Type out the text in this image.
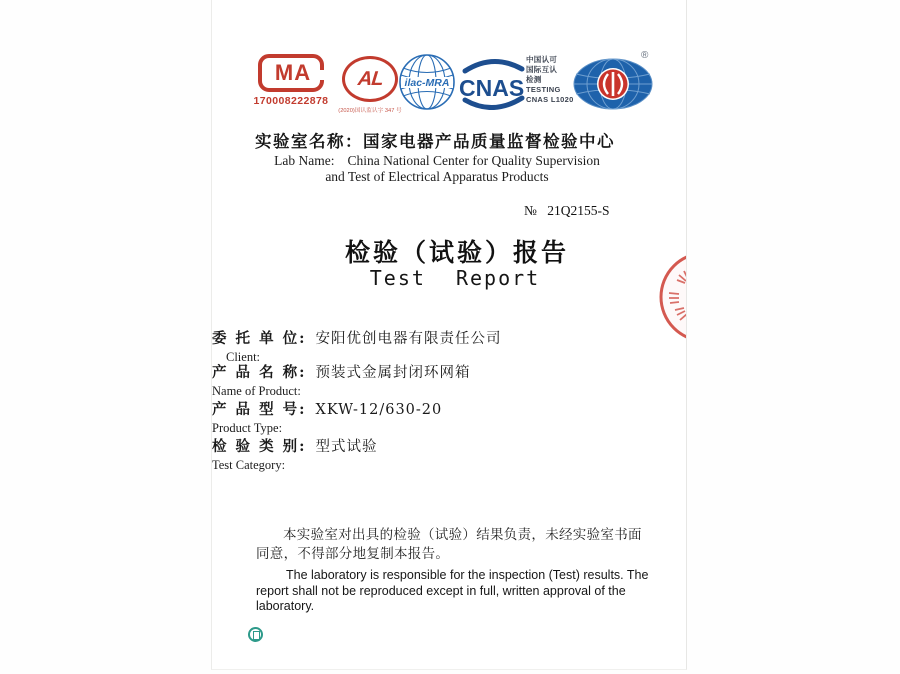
MA
170008222878
AL
(2020)国认监认字 347 号
ilac-MRA CNAS
中国认可
国际互认
检测
TESTING
CNAS L1020
®
实验室名称：国家电器产品质量监督检验中心
Lab Name: China National Center for Quality Supervision
and Test of Electrical Apparatus Products
№ 21Q2155-S
检验（试验）报告
Test Report
委 托 单 位: 安阳优创电器有限责任公司
Client:
产 品 名 称: 预装式金属封闭环网箱
Name of Product:
产 品 型 号: XKW-12/630-20
Product Type:
检 验 类 别: 型式试验
Test Category:
本实验室对出具的检验（试验）结果负责，未经实验室书面同意，不得部分地复制本报告。
The laboratory is responsible for the inspection (Test) results. The report shall not be reproduced except in full, written approval of the laboratory.
